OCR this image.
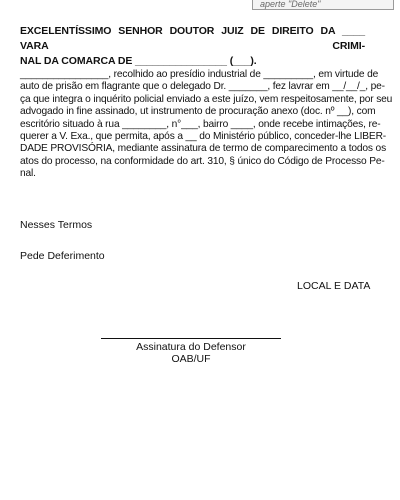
aperte "Delete"
EXCELENTÍSSIMO SENHOR DOUTOR JUIZ DE DIREITO DA ____ VARA CRIMI-
NAL DA COMARCA DE ________________ (___).
________________, recolhido ao presídio industrial de _________, em virtude de
auto de prisão em flagrante que o delegado Dr. _______, fez lavrar em __/__/_, pe-
ça que integra o inquérito policial enviado a este juízo, vem respeitosamente, por seu
advogado in fine assinado, ut instrumento de procuração anexo (doc. nº __), com
escritório situado à rua ________, n°___, bairro ____, onde recebe intimações, re-
querer a V. Exa., que permita, após a __ do Ministério público, conceder-lhe LIBER-
DADE PROVISÓRIA, mediante assinatura de termo de comparecimento a todos os
atos do processo, na conformidade do art. 310, § único do Código de Processo Pe-
nal.
Nesses Termos
Pede Deferimento
LOCAL E DATA
Assinatura do Defensor
OAB/UF
